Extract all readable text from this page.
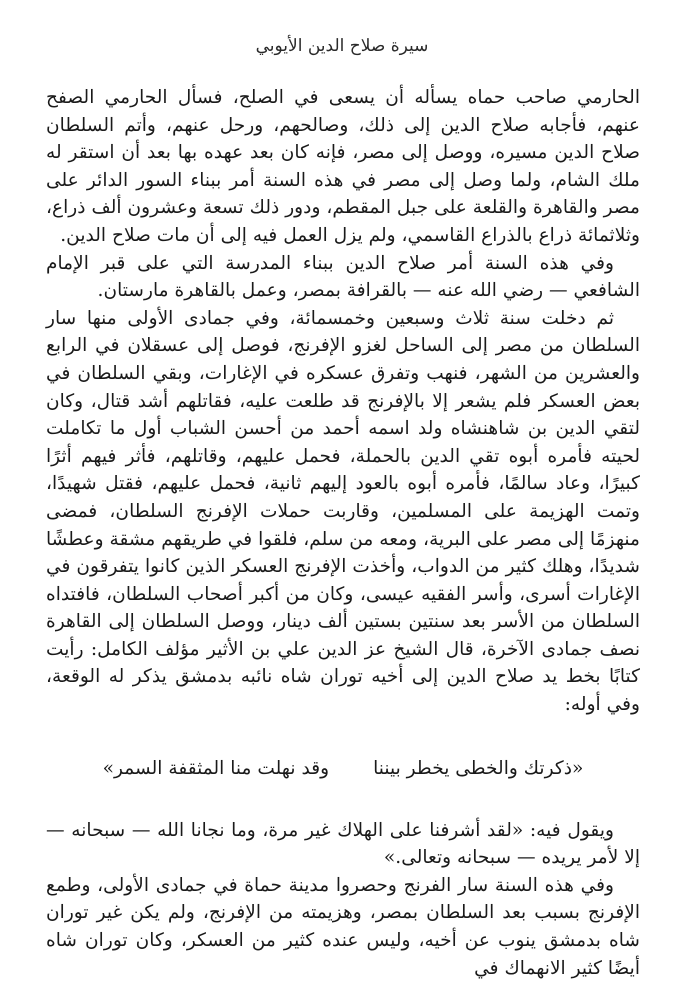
سيرة صلاح الدين الأيوبي

الحارمي صاحب حماه يسأله أن يسعى في الصلح، فسأل الحارمي الصفح عنهم، فأجابه صلاح الدين إلى ذلك، وصالحهم، ورحل عنهم، وأتم السلطان صلاح الدين مسيره، ووصل إلى مصر، فإنه كان بعد عهده بها بعد أن استقر له ملك الشام، ولما وصل إلى مصر في هذه السنة أمر ببناء السور الدائر على مصر والقاهرة والقلعة على جبل المقطم، ودور ذلك تسعة وعشرون ألف ذراع، وثلاثمائة ذراع بالذراع القاسمي، ولم يزل العمل فيه إلى أن مات صلاح الدين.

وفي هذه السنة أمر صلاح الدين ببناء المدرسة التي على قبر الإمام الشافعي — رضي الله عنه — بالقرافة بمصر، وعمل بالقاهرة مارستان.

ثم دخلت سنة ثلاث وسبعين وخمسمائة، وفي جمادى الأولى منها سار السلطان من مصر إلى الساحل لغزو الإفرنج، فوصل إلى عسقلان في الرابع والعشرين من الشهر، فنهب وتفرق عسكره في الإغارات، وبقي السلطان في بعض العسكر فلم يشعر إلا بالإفرنج قد طلعت عليه، فقاتلهم أشد قتال، وكان لتقي الدين بن شاهنشاه ولد اسمه أحمد من أحسن الشباب أول ما تكاملت لحيته فأمره أبوه تقي الدين بالحملة، فحمل عليهم، وقاتلهم، فأثر فيهم أثرًا كبيرًا، وعاد سالمًا، فأمره أبوه بالعود إليهم ثانية، فحمل عليهم، فقتل شهيدًا، وتمت الهزيمة على المسلمين، وقاربت حملات الإفرنج السلطان، فمضى منهزمًا إلى مصر على البرية، ومعه من سلم، فلقوا في طريقهم مشقة وعطشًا شديدًا، وهلك كثير من الدواب، وأخذت الإفرنج العسكر الذين كانوا يتفرقون في الإغارات أسرى، وأسر الفقيه عيسى، وكان من أكبر أصحاب السلطان، فافتداه السلطان من الأسر بعد سنتين بستين ألف دينار، ووصل السلطان إلى القاهرة نصف جمادى الآخرة، قال الشيخ عز الدين علي بن الأثير مؤلف الكامل: رأيت كتابًا بخط يد صلاح الدين إلى أخيه توران شاه نائبه بدمشق يذكر له الوقعة، وفي أوله:

«ذكرتك والخطى يخطر بيننا
وقد نهلت منا المثقفة السمر»

ويقول فيه: «لقد أشرفنا على الهلاك غير مرة، وما نجانا الله — سبحانه — إلا لأمر يريده — سبحانه وتعالى.»

وفي هذه السنة سار الفرنج وحصروا مدينة حماة في جمادى الأولى، وطمع الإفرنج بسبب بعد السلطان بمصر، وهزيمته من الإفرنج، ولم يكن غير توران شاه بدمشق ينوب عن أخيه، وليس عنده كثير من العسكر، وكان توران شاه أيضًا كثير الانهماك في
